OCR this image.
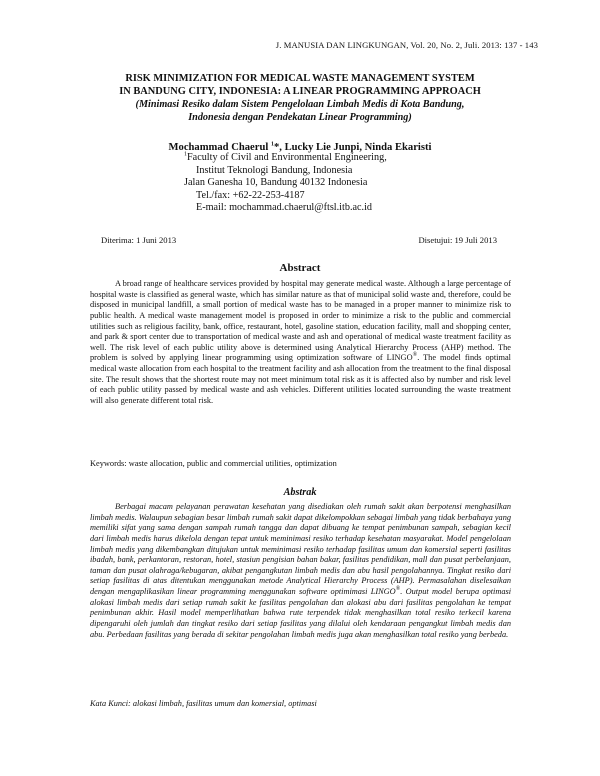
J. MANUSIA DAN LINGKUNGAN, Vol. 20, No. 2, Juli. 2013: 137 - 143
RISK MINIMIZATION FOR MEDICAL WASTE MANAGEMENT SYSTEM
IN BANDUNG CITY, INDONESIA: A LINEAR PROGRAMMING APPROACH
(Minimasi Resiko dalam Sistem Pengelolaan Limbah Medis di Kota Bandung,
Indonesia dengan Pendekatan Linear Programming)
Mochammad Chaerul $^1$*, Lucky Lie Junpi, Ninda Ekaristi
$^1$Faculty of Civil and Environmental Engineering,
Institut Teknologi Bandung, Indonesia
Jalan Ganesha 10, Bandung 40132 Indonesia
Tel./fax: +62-22-253-4187
E-mail: mochammad.chaerul@ftsl.itb.ac.id
Diterima: 1 Juni 2013	Disetujui: 19 Juli 2013
Abstract

A broad range of healthcare services provided by hospital may generate medical waste. Although a large percentage of hospital waste is classified as general waste, which has similar nature as that of municipal solid waste and, therefore, could be disposed in municipal landfill, a small portion of medical waste has to be managed in a proper manner to minimize risk to public health. A medical waste management model is proposed in order to minimize a risk to the public and commercial utilities such as religious facility, bank, office, restaurant, hotel, gasoline station, education facility, mall and shopping center, and park & sport center due to transportation of medical waste and ash and operational of medical waste treatment facility as well. The risk level of each public utility above is determined using Analytical Hierarchy Process (AHP) method. The problem is solved by applying linear programming using optimization software of LINGO®. The model finds optimal medical waste allocation from each hospital to the treatment facility and ash allocation from the treatment to the final disposal site. The result shows that the shortest route may not meet minimum total risk as it is affected also by number and risk level of each public utility passed by medical waste and ash vehicles. Different utilities located surrounding the waste treatment will also generate different total risk.

Keywords: waste allocation, public and commercial utilities, optimization
Abstrak

Berbagai macam pelayanan perawatan kesehatan yang disediakan oleh rumah sakit akan berpotensi menghasilkan limbah medis. Walaupun sebagian besar limbah rumah sakit dapat dikelompokkan sebagai limbah yang tidak berbahaya yang memiliki sifat yang sama dengan sampah rumah tangga dan dapat dibuang ke tempat penimbunan sampah, sebagian kecil dari limbah medis harus dikelola dengan tepat untuk meminimasi resiko terhadap kesehatan masyarakat. Model pengelolaan limbah medis yang dikembangkan ditujukan untuk meminimasi resiko terhadap fasilitas umum dan komersial seperti fasilitas ibadah, bank, perkantoran, restoran, hotel, stasiun pengisian bahan bakar, fasilitas pendidikan, mall dan pusat perbelanjaan, taman dan pusat olahraga/kebugaran, akibat pengangkutan limbah medis dan abu hasil pengolahannya. Tingkat resiko dari setiap fasilitas di atas ditentukan menggunakan metode Analytical Hierarchy Process (AHP). Permasalahan diselesaikan dengan mengaplikasikan linear programming menggunakan software optimimasi LINGO®. Output model berupa optimasi alokasi limbah medis dari setiap rumah sakit ke fasilitas pengolahan dan alokasi abu dari fasilitas pengolahan ke tempat penimbunan akhir. Hasil model memperlihatkan bahwa rute terpendek tidak menghasilkan total resiko terkecil karena dipengaruhi oleh jumlah dan tingkat resiko dari setiap fasilitas yang dilalui oleh kendaraan pengangkut limbah medis dan abu. Perbedaan fasilitas yang berada di sekitar pengolahan limbah medis juga akan menghasilkan total resiko yang berbeda.

Kata Kunci: alokasi limbah, fasilitas umum dan komersial, optimasi
